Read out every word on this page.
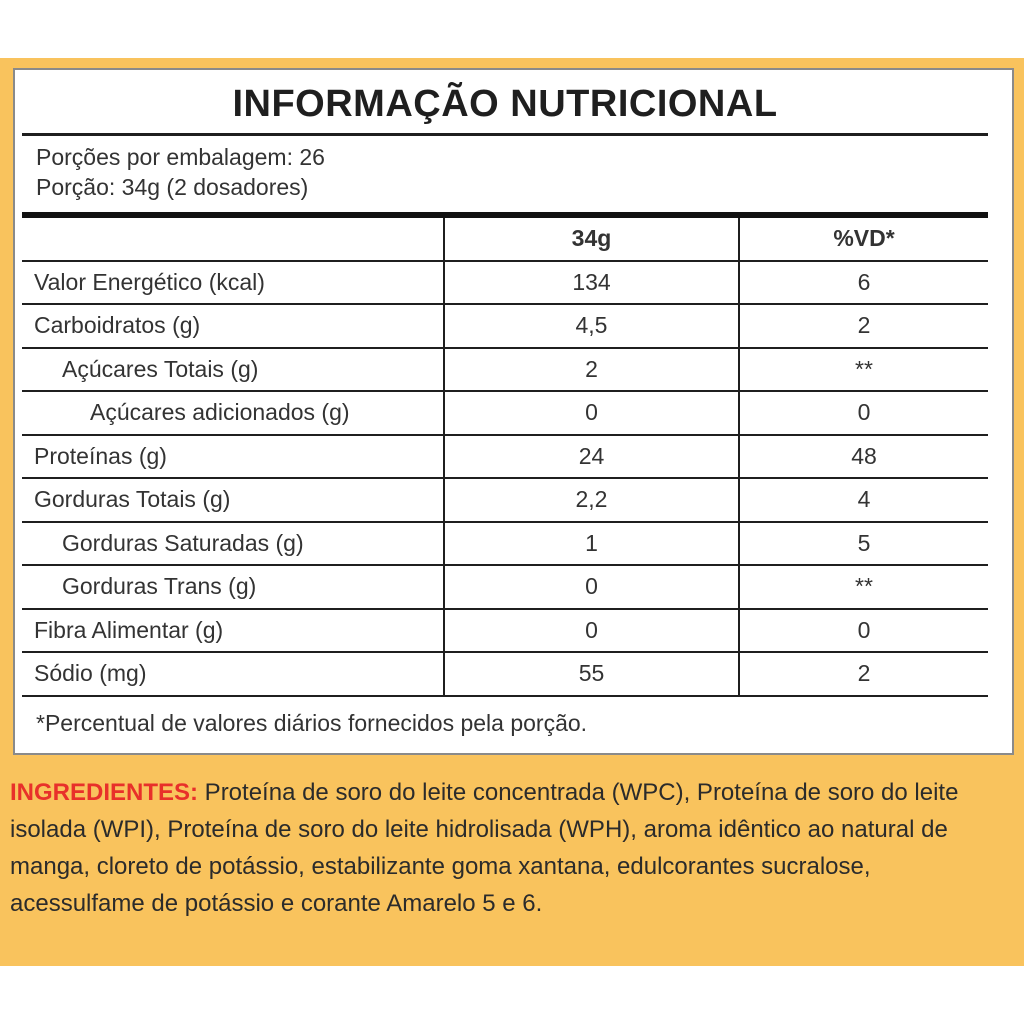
INFORMAÇÃO NUTRICIONAL
Porções por embalagem: 26
Porção: 34g (2 dosadores)
	34g	%VD*
Valor Energético (kcal)	134	6
Carboidratos (g)	4,5	2
Açúcares Totais (g)	2	**
Açúcares adicionados (g)	0	0
Proteínas (g)	24	48
Gorduras Totais (g)	2,2	4
Gorduras Saturadas (g)	1	5
Gorduras Trans (g)	0	**
Fibra Alimentar (g)	0	0
Sódio (mg)	55	2
*Percentual de valores diários fornecidos pela porção.
INGREDIENTES: Proteína de soro do leite concentrada (WPC), Proteína de soro do leite isolada (WPI), Proteína de soro do leite hidrolisada (WPH), aroma idêntico ao natural de manga, cloreto de potássio, estabilizante goma xantana, edulcorantes sucralose, acessulfame de potássio e corante Amarelo 5 e 6.
